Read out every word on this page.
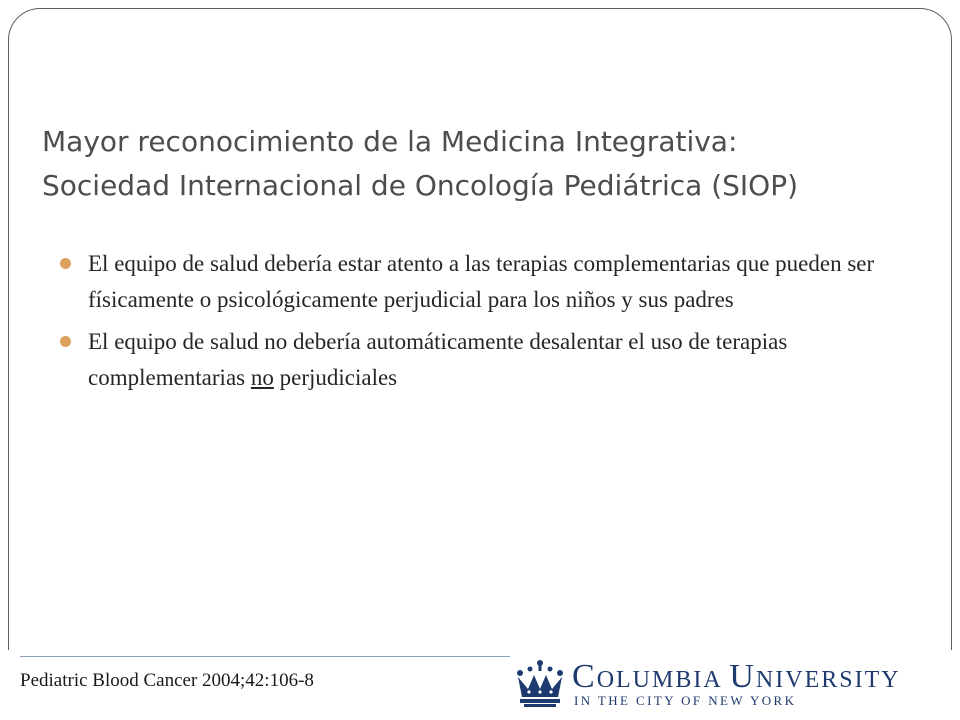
Mayor reconocimiento de la Medicina Integrativa:
Sociedad Internacional de Oncología Pediátrica (SIOP)
El equipo de salud debería estar atento a las terapias complementarias que pueden ser físicamente o psicológicamente perjudicial para los niños y sus padres
El equipo de salud no debería automáticamente desalentar el uso de terapias complementarias no perjudiciales
Pediatric Blood Cancer 2004;42:106-8	COLUMBIA UNIVERSITY
IN THE CITY OF NEW YORK
